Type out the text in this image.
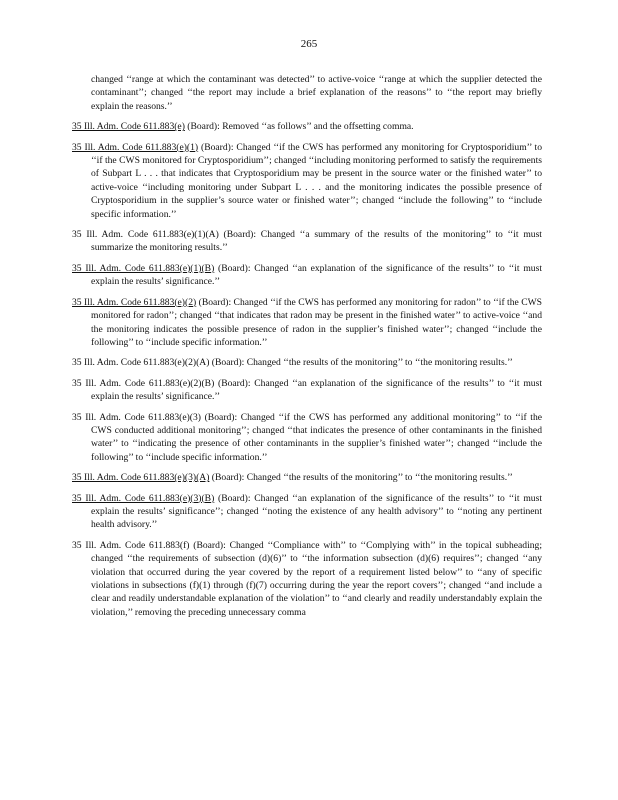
265
changed ‘‘range at which the contaminant was detected’’ to active-voice ‘‘range at which the supplier detected the contaminant’’; changed ‘‘the report may include a brief explanation of the reasons’’ to ‘‘the report may briefly explain the reasons.’’
35 Ill. Adm. Code 611.883(e) (Board): Removed ‘‘as follows’’ and the offsetting comma.
35 Ill. Adm. Code 611.883(e)(1) (Board): Changed ‘‘if the CWS has performed any monitoring for Cryptosporidium’’ to ‘‘if the CWS monitored for Cryptosporidium’’; changed ‘‘including monitoring performed to satisfy the requirements of Subpart L . . . that indicates that Cryptosporidium may be present in the source water or the finished water’’ to active-voice ‘‘including monitoring under Subpart L . . . and the monitoring indicates the possible presence of Cryptosporidium in the supplier’s source water or finished water’’; changed ‘‘include the following’’ to ‘‘include specific information.’’
35 Ill. Adm. Code 611.883(e)(1)(A) (Board): Changed ‘‘a summary of the results of the monitoring’’ to ‘‘it must summarize the monitoring results.’’
35 Ill. Adm. Code 611.883(e)(1)(B) (Board): Changed ‘‘an explanation of the significance of the results’’ to ‘‘it must explain the results’ significance.’’
35 Ill. Adm. Code 611.883(e)(2) (Board): Changed ‘‘if the CWS has performed any monitoring for radon’’ to ‘‘if the CWS monitored for radon’’; changed ‘‘that indicates that radon may be present in the finished water’’ to active-voice ‘‘and the monitoring indicates the possible presence of radon in the supplier’s finished water’’; changed ‘‘include the following’’ to ‘‘include specific information.’’
35 Ill. Adm. Code 611.883(e)(2)(A) (Board): Changed ‘‘the results of the monitoring’’ to ‘‘the monitoring results.’’
35 Ill. Adm. Code 611.883(e)(2)(B) (Board): Changed ‘‘an explanation of the significance of the results’’ to ‘‘it must explain the results’ significance.’’
35 Ill. Adm. Code 611.883(e)(3) (Board): Changed ‘‘if the CWS has performed any additional monitoring’’ to ‘‘if the CWS conducted additional monitoring’’; changed ‘‘that indicates the presence of other contaminants in the finished water’’ to ‘‘indicating the presence of other contaminants in the supplier’s finished water’’; changed ‘‘include the following’’ to ‘‘include specific information.’’
35 Ill. Adm. Code 611.883(e)(3)(A) (Board): Changed ‘‘the results of the monitoring’’ to ‘‘the monitoring results.’’
35 Ill. Adm. Code 611.883(e)(3)(B) (Board): Changed ‘‘an explanation of the significance of the results’’ to ‘‘it must explain the results’ significance’’; changed ‘‘noting the existence of any health advisory’’ to ‘‘noting any pertinent health advisory.’’
35 Ill. Adm. Code 611.883(f) (Board): Changed ‘‘Compliance with’’ to ‘‘Complying with’’ in the topical subheading; changed ‘‘the requirements of subsection (d)(6)’’ to ‘‘the information subsection (d)(6) requires’’; changed ‘‘any violation that occurred during the year covered by the report of a requirement listed below’’ to ‘‘any of specific violations in subsections (f)(1) through (f)(7) occurring during the year the report covers’’; changed ‘‘and include a clear and readily understandable explanation of the violation’’ to ‘‘and clearly and readily understandably explain the violation,’’ removing the preceding unnecessary comma
